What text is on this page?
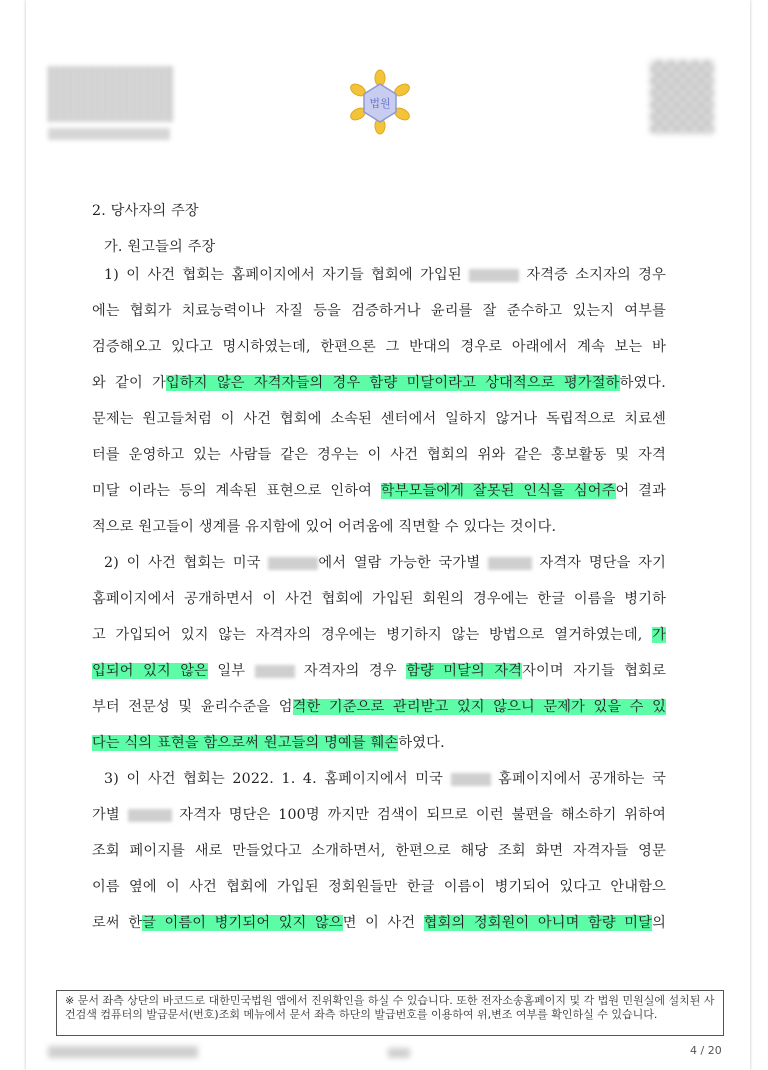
법원
2. 당사자의 주장
가. 원고들의 주장
1) 이 사건 협회는 홈페이지에서 자기들 협회에 가입된	자격증 소지자의 경우
에는 협회가 치료능력이나 자질 등을 검증하거나 윤리를 잘 준수하고 있는지 여부를
검증해오고 있다고 명시하였는데, 한편으론 그 반대의 경우로 아래에서 계속 보는 바
와 같이 가입하지 않은 자격자들의 경우 함량 미달이라고 상대적으로 평가절하하였다.
문제는 원고들처럼 이 사건 협회에 소속된 센터에서 일하지 않거나 독립적으로 치료센
터를 운영하고 있는 사람들 같은 경우는 이 사건 협회의 위와 같은 홍보활동 및 자격
미달 이라는 등의 계속된 표현으로 인하여 학부모들에게 잘못된 인식을 심어주어 결과
적으로 원고들이 생계를 유지함에 있어 어려움에 직면할 수 있다는 것이다.
2) 이 사건 협회는 미국	에서 열람 가능한 국가별	자격자 명단을 자기
홈페이지에서 공개하면서 이 사건 협회에 가입된 회원의 경우에는 한글 이름을 병기하
고 가입되어 있지 않는 자격자의 경우에는 병기하지 않는 방법으로 열거하였는데, 가
입되어 있지 않은 일부	자격자의 경우 함량 미달의 자격자이며 자기들 협회로
부터 전문성 및 윤리수준을 엄격한 기준으로 관리받고 있지 않으니 문제가 있을 수 있
다는 식의 표현을 함으로써 원고들의 명예를 훼손하였다.
3) 이 사건 협회는 2022. 1. 4. 홈페이지에서 미국	홈페이지에서 공개하는 국
가별	자격자 명단은 100명 까지만 검색이 되므로 이런 불편을 해소하기 위하여
조회 페이지를 새로 만들었다고 소개하면서, 한편으로 해당 조회 화면 자격자들 영문
이름 옆에 이 사건 협회에 가입된 정회원들만 한글 이름이 병기되어 있다고 안내함으
로써 한글 이름이 병기되어 있지 않으면 이 사건 협회의 정회원이 아니며 함량 미달의
※ 문서 좌측 상단의 바코드로 대한민국법원 앱에서 진위확인을 하실 수 있습니다. 또한 전자소송홈페이지 및 각 법원 민원실에 설치된 사건검색 컴퓨터의 발급문서(번호)조회 메뉴에서 문서 좌측 하단의 발급번호를 이용하여 위,변조 여부를 확인하실 수 있습니다.
4 / 20
